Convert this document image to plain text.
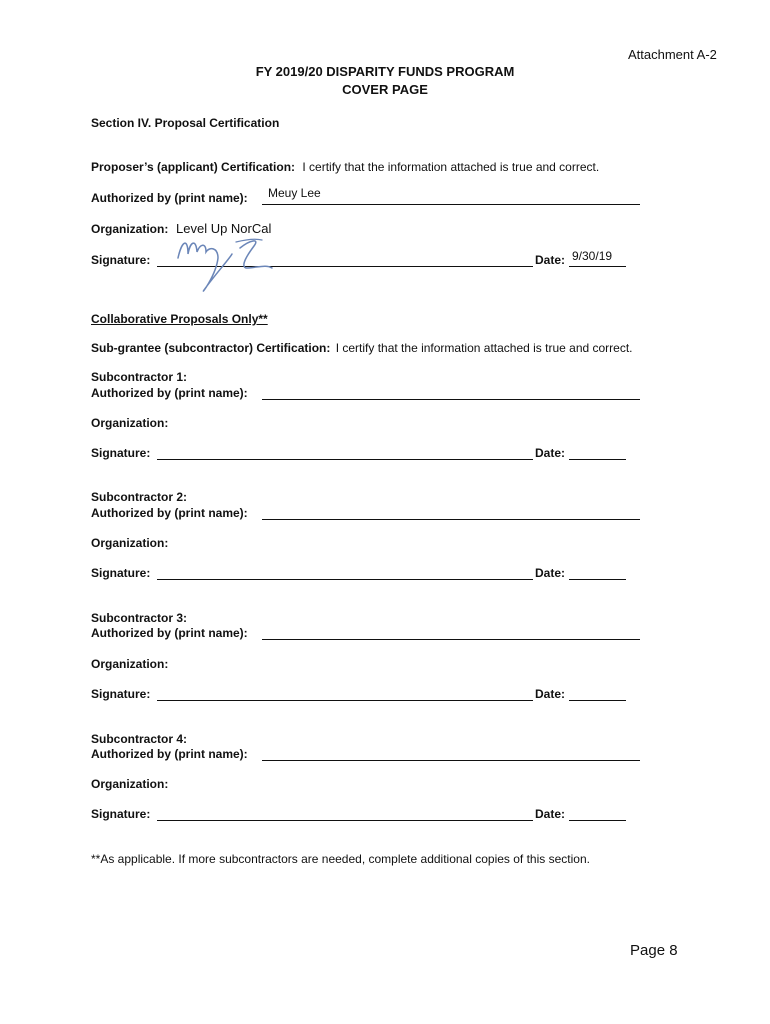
Attachment A-2
FY 2019/20 DISPARITY FUNDS PROGRAM
COVER PAGE
Section IV. Proposal Certification
Proposer’s (applicant) Certification: I certify that the information attached is true and correct.
Authorized by (print name): Meuy Lee
Organization: Level Up NorCal
Signature:	Date: 9/30/19
Collaborative Proposals Only**
Sub-grantee (subcontractor) Certification: I certify that the information attached is true and correct.
Subcontractor 1:
Authorized by (print name):
Organization:
Signature:	Date:
Subcontractor 2:
Authorized by (print name):
Organization:
Signature:	Date:
Subcontractor 3:
Authorized by (print name):
Organization:
Signature:	Date:
Subcontractor 4:
Authorized by (print name):
Organization:
Signature:	Date:
**As applicable. If more subcontractors are needed, complete additional copies of this section.
Page 8
